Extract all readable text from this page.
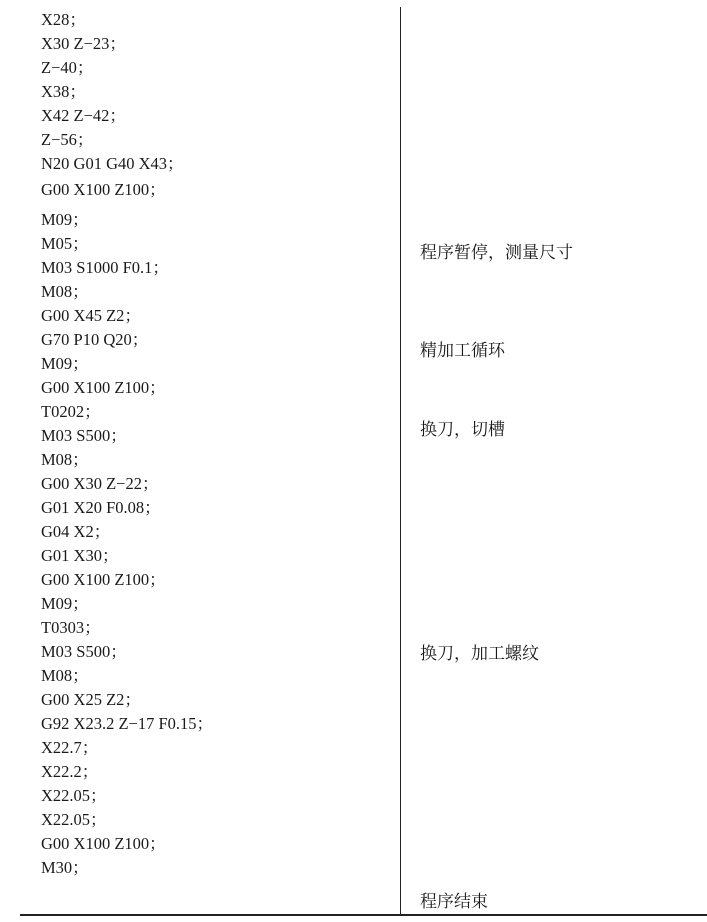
X28；
X30 Z−23；
Z−40；
X38；
X42 Z−42；
Z−56；
N20 G01 G40 X43；
G00 X100 Z100；
M09；
M05；
M03 S1000 F0.1；
M08；
G00 X45 Z2；
G70 P10 Q20；
M09；
G00 X100 Z100；
T0202；
M03 S500；
M08；
G00 X30 Z−22；
G01 X20 F0.08；
G04 X2；
G01 X30；
G00 X100 Z100；
M09；
T0303；
M03 S500；
M08；
G00 X25 Z2；
G92 X23.2 Z−17 F0.15；
X22.7；
X22.2；
X22.05；
X22.05；
G00 X100 Z100；
M30；
程序暂停，测量尺寸
精加工循环
换刀，切槽
换刀，加工螺纹
程序结束
